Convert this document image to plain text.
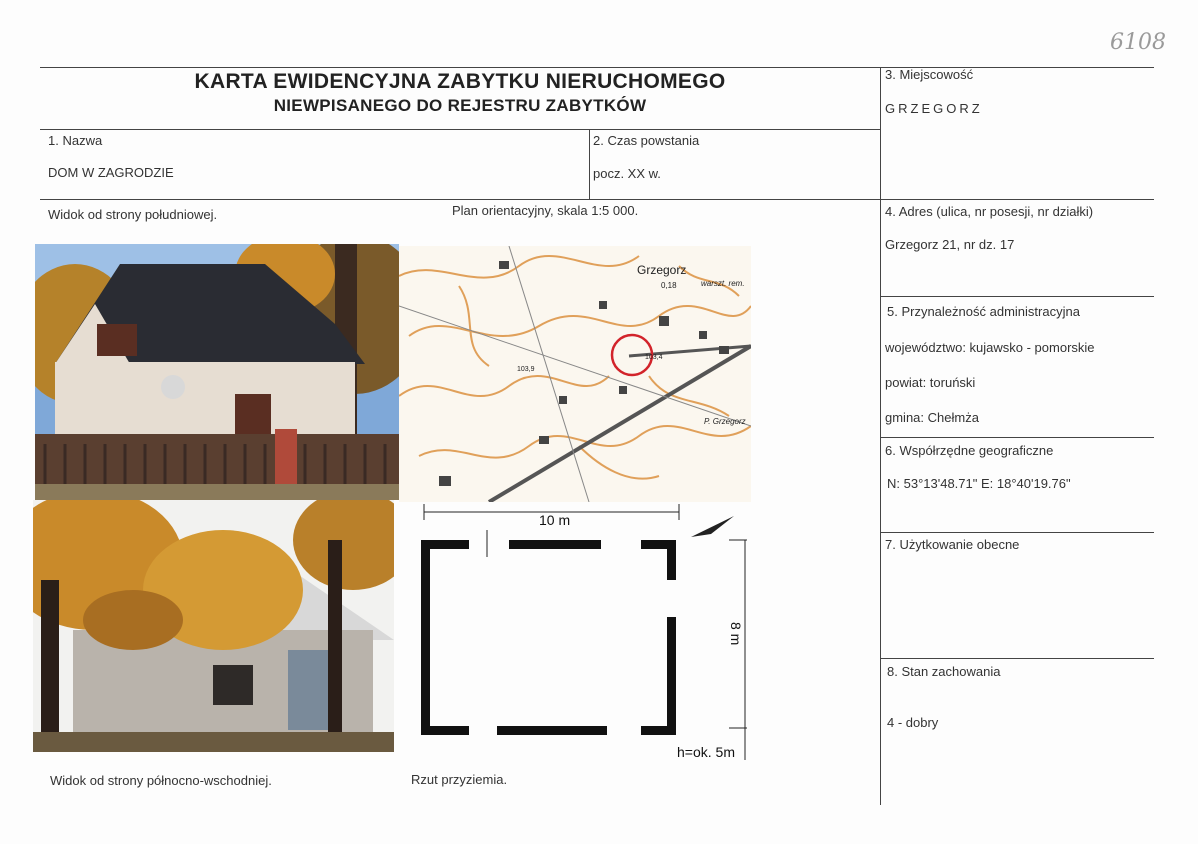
6108
KARTA EWIDENCYJNA ZABYTKU NIERUCHOMEGO
NIEWPISANEGO DO REJESTRU ZABYTKÓW
3. Miejscowość
GRZEGORZ
1. Nazwa
DOM W ZAGRODZIE
2. Czas powstania
pocz. XX w.
4. Adres (ulica, nr posesji, nr działki)
Grzegorz 21, nr dz. 17
5. Przynależność administracyjna
województwo: kujawsko - pomorskie
powiat: toruński
gmina: Chełmża
6. Współrzędne geograficzne
N: 53°13'48.71" E: 18°40'19.76"
7. Użytkowanie obecne
8. Stan zachowania
4 - dobry
Widok od strony południowej.	Plan orientacyjny, skala 1:5 000.
Widok od strony północno-wschodniej.	Rzut przyziemia.
Grzegorz
0,18	warszt. rem.
103,9
103,4
P. Grzegorz
10 m
8 m
h=ok. 5m
